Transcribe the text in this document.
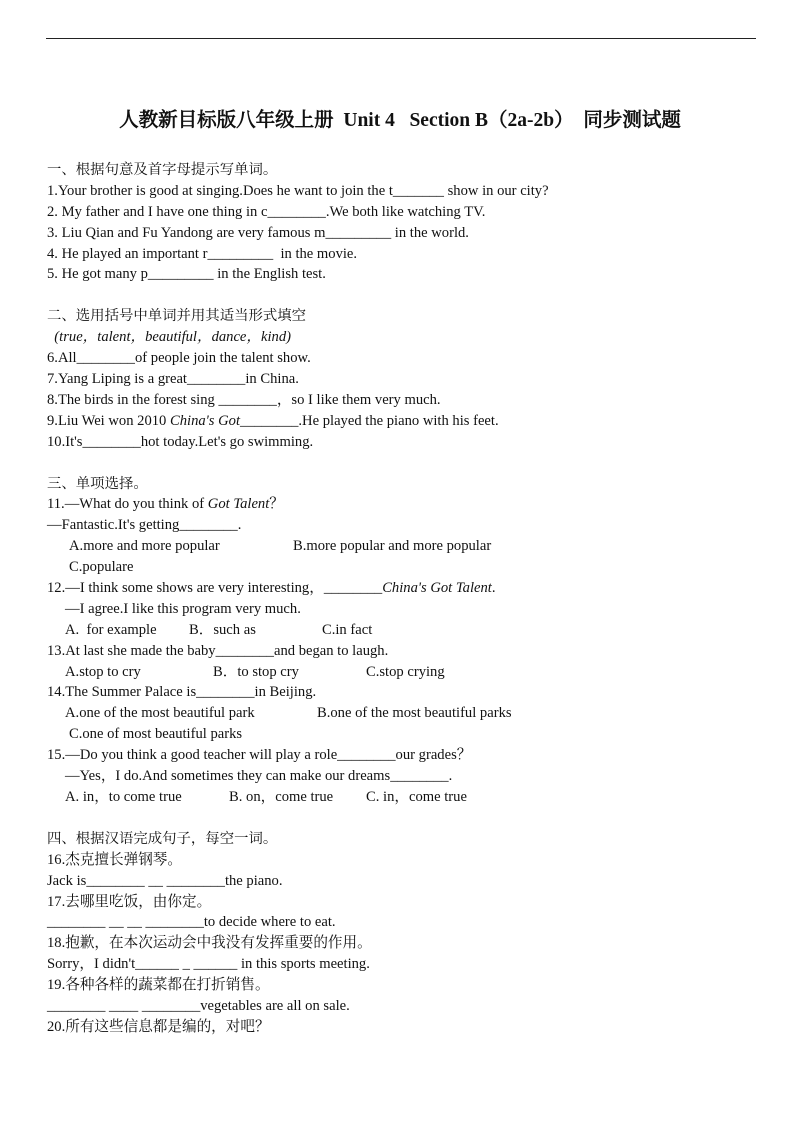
人教新目标版八年级上册  Unit 4   Section B（2a-2b）  同步测试题
一、根据句意及首字母提示写单词。
1.Your brother is good at singing.Does he want to join the t_______ show in our city?
2. My father and I have one thing in c________.We both like watching TV.
3. Liu Qian and Fu Yandong are very famous m_________ in the world.
4. He played an important r_________  in the movie.
5. He got many p_________ in the English test.
二、选用括号中单词并用其适当形式填空
(true，talent，beautiful，dance，kind)
6.All________of people join the talent show.
7.Yang Liping is a great________in China.
8.The birds in the forest sing ________，so I like them very much.
9.Liu Wei won 2010 China's Got________.He played the piano with his feet.
10.It's________hot today.Let's go swimming.
三、单项选择。
11.—What do you think of Got Talent？
—Fantastic.It's getting________.
A.more and more popular	B.more popular and more popular
C.populare
12.—I think some shows are very interesting，________China's Got Talent.
—I agree.I like this program very much.
A.  for example B．such as	C.in fact
13.At last she made the baby________and began to laugh.
A.stop to cry	B．to stop cry	C.stop crying
14.The Summer Palace is________in Beijing.
A.one of the most beautiful park	B.one of the most beautiful parks
C.one of most beautiful parks
15.—Do you think a good teacher will play a role________our grades？
—Yes，I do.And sometimes they can make our dreams________.
A. in，to come true	B. on，come true C. in，come true
四、根据汉语完成句子，每空一词。
16.杰克擅长弹钢琴。
Jack is________ __ ________the piano.
17.去哪里吃饭，由你定。
________ __ __ ________to decide where to eat.
18.抱歉，在本次运动会中我没有发挥重要的作用。
Sorry，I didn't______ _ ______ in this sports meeting.
19.各种各样的蔬菜都在打折销售。
________ ____ ________vegetables are all on sale.
20.所有这些信息都是编的，对吧？
